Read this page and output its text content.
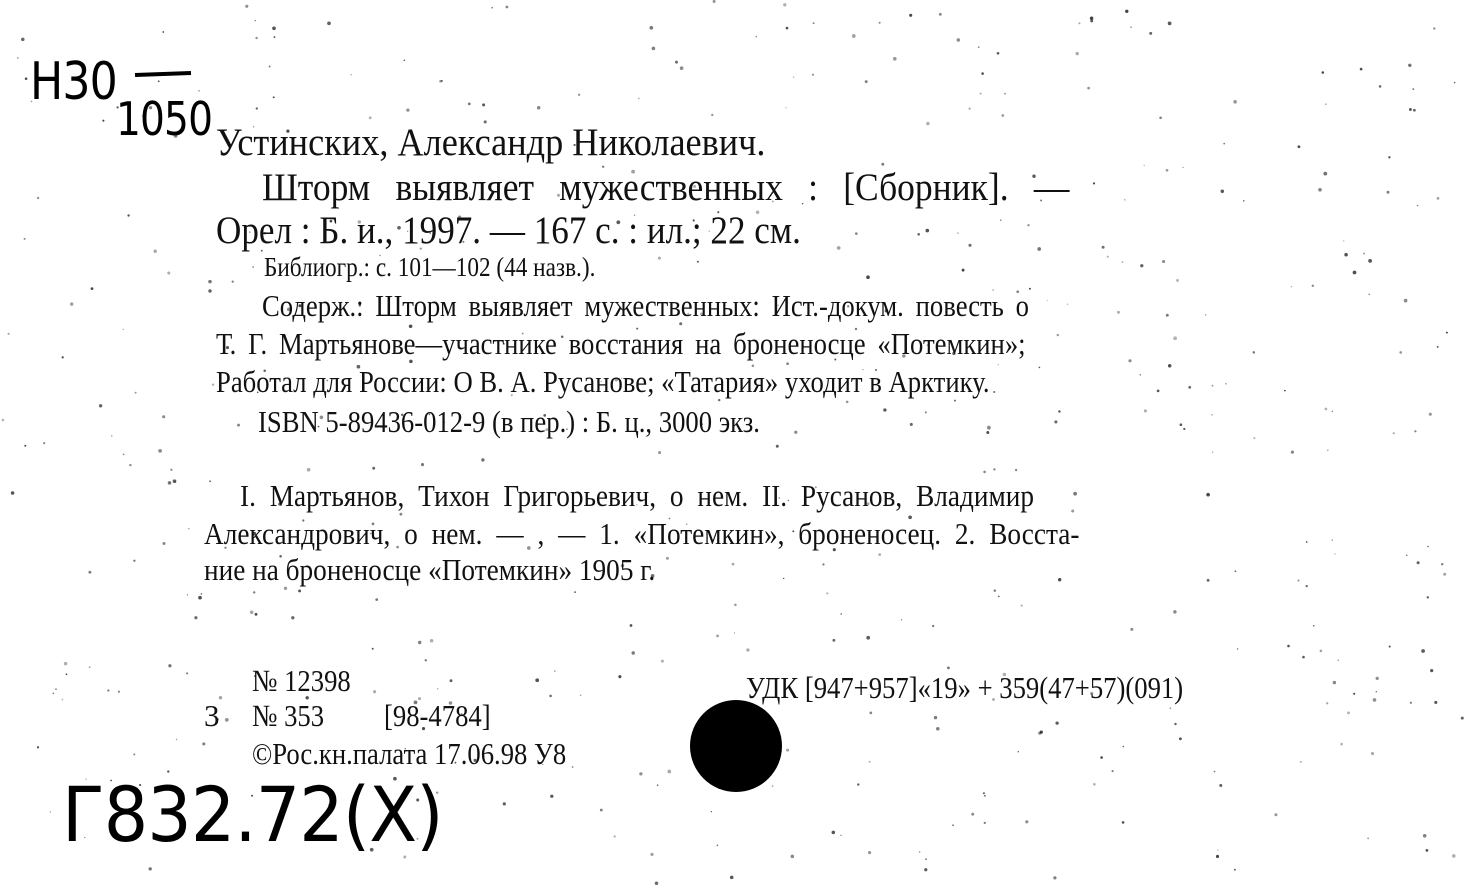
Н30
1050 Устинских, Александр Николаевич.
Шторм выявляет мужественных : [Сборник]. —
Орел : Б. и., 1997. — 167 с. : ил.; 22 см.
Библиогр.: с. 101—102 (44 назв.).
Содерж.: Шторм выявляет мужественных: Ист.-докум. повесть о
Т. Г. Мартьянове—участнике восстания на броненосце «Потемкин»;
Работал для России: О В. А. Русанове; «Татария» уходит в Арктику.
ISBN 5-89436-012-9 (в пер.) : Б. ц., 3000 экз.
I. Мартьянов, Тихон Григорьевич, о нем. II. Русанов, Владимир
Александрович, о нем. — , — 1. «Потемкин», броненосец. 2. Восста-
ние на броненосце «Потемкин» 1905 г.
№ 12398	УДК [947+957]«19» + 359(47+57)(091)
3 № 353 [98-4784]
©Рос.кн.палата 17.06.98 У8
Г832.72(Х)
